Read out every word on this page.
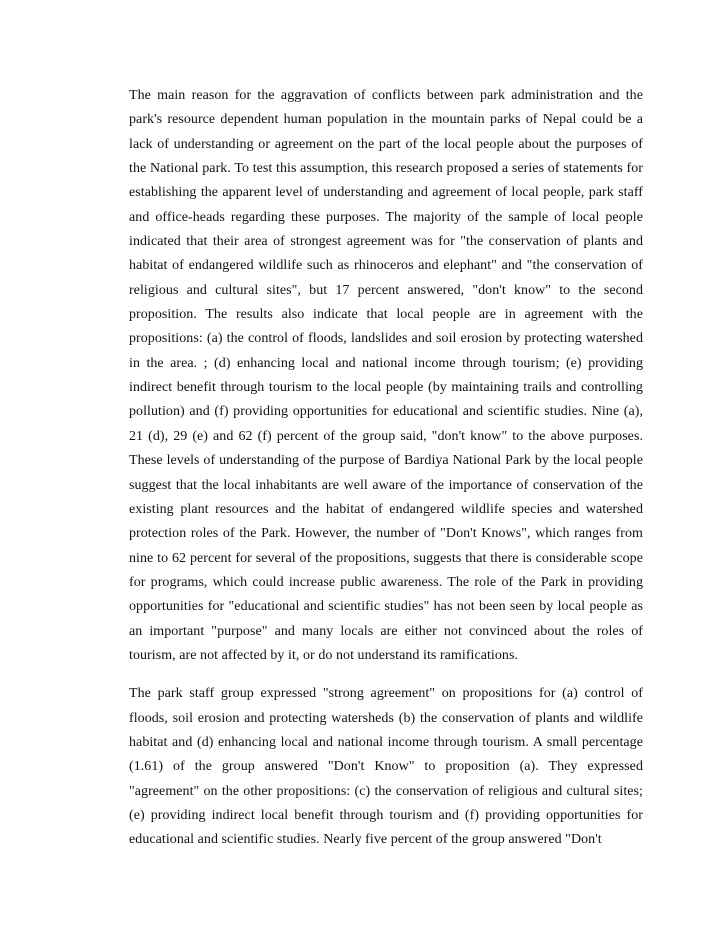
The main reason for the aggravation of conflicts between park administration and the park's resource dependent human population in the mountain parks of Nepal could be a lack of understanding or agreement on the part of the local people about the purposes of the National park. To test this assumption, this research proposed a series of statements for establishing the apparent level of understanding and agreement of local people, park staff and office-heads regarding these purposes. The majority of the sample of local people indicated that their area of strongest agreement was for "the conservation of plants and habitat of endangered wildlife such as rhinoceros and elephant" and "the conservation of religious and cultural sites", but 17 percent answered, "don't know" to the second proposition. The results also indicate that local people are in agreement with the propositions: (a) the control of floods, landslides and soil erosion by protecting watershed in the area. ; (d) enhancing local and national income through tourism; (e) providing indirect benefit through tourism to the local people (by maintaining trails and controlling pollution) and (f) providing opportunities for educational and scientific studies. Nine (a), 21 (d), 29 (e) and 62 (f) percent of the group said, "don't know" to the above purposes. These levels of understanding of the purpose of Bardiya National Park by the local people suggest that the local inhabitants are well aware of the importance of conservation of the existing plant resources and the habitat of endangered wildlife species and watershed protection roles of the Park. However, the number of "Don't Knows", which ranges from nine to 62 percent for several of the propositions, suggests that there is considerable scope for programs, which could increase public awareness. The role of the Park in providing opportunities for "educational and scientific studies" has not been seen by local people as an important "purpose" and many locals are either not convinced about the roles of tourism, are not affected by it, or do not understand its ramifications.

The park staff group expressed "strong agreement" on propositions for (a) control of floods, soil erosion and protecting watersheds (b) the conservation of plants and wildlife habitat and (d) enhancing local and national income through tourism. A small percentage (1.61) of the group answered "Don't Know" to proposition (a). They expressed "agreement" on the other propositions: (c) the conservation of religious and cultural sites; (e) providing indirect local benefit through tourism and (f) providing opportunities for educational and scientific studies. Nearly five percent of the group answered "Don't
